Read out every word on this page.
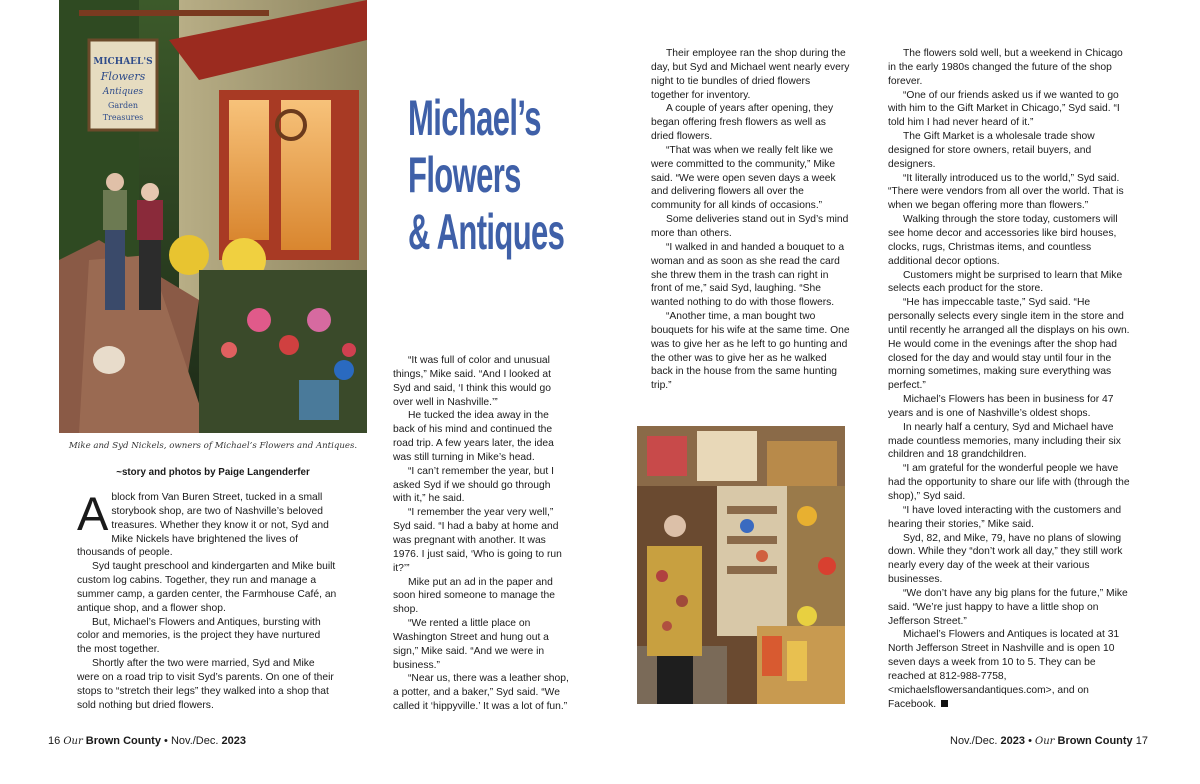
MICHAEL'S
Flowers
Antiques
Garden
Treasures
Mike and Syd Nickels, owners of Michael’s Flowers and Antiques.
~story and photos by Paige Langenderfer
Michael’s
Flowers
& Antiques

Ablock from Van Buren Street, tucked in a small storybook shop, are two of Nashville’s beloved treasures. Whether they know it or not, Syd and Mike Nickels have brightened the lives of thousands of people.

Syd taught preschool and kindergarten and Mike built custom log cabins. Together, they run and manage a summer camp, a garden center, the Farmhouse Café, an antique shop, and a flower shop.

But, Michael’s Flowers and Antiques, bursting with color and memories, is the project they have nurtured the most together.

Shortly after the two were married, Syd and Mike were on a road trip to visit Syd’s parents. On one of their stops to “stretch their legs” they walked into a shop that sold nothing but dried flowers.

“It was full of color and unusual things,” Mike said. “And I looked at Syd and said, ‘I think this would go over well in Nashville.’”

He tucked the idea away in the back of his mind and continued the road trip. A few years later, the idea was still turning in Mike’s head.

“I can’t remember the year, but I asked Syd if we should go through with it,” he said.

“I remember the year very well,” Syd said. “I had a baby at home and was pregnant with another. It was 1976. I just said, ‘Who is going to run it?’”

Mike put an ad in the paper and soon hired someone to manage the shop.

“We rented a little place on Washington Street and hung out a sign,” Mike said. “And we were in business.”

“Near us, there was a leather shop, a potter, and a baker,” Syd said. “We called it ‘hippyville.’ It was a lot of fun.”

Their employee ran the shop during the day, but Syd and Michael went nearly every night to tie bundles of dried flowers together for inventory.

A couple of years after opening, they began offering fresh flowers as well as dried flowers.

“That was when we really felt like we were committed to the community,” Mike said. “We were open seven days a week and delivering flowers all over the community for all kinds of occasions.”

Some deliveries stand out in Syd’s mind more than others.

“I walked in and handed a bouquet to a woman and as soon as she read the card she threw them in the trash can right in front of me,” said Syd, laughing. “She wanted nothing to do with those flowers.

“Another time, a man bought two bouquets for his wife at the same time. One was to give her as he left to go hunting and the other was to give her as he walked back in the house from the same hunting trip.”

The flowers sold well, but a weekend in Chicago in the early 1980s changed the future of the shop forever.

“One of our friends asked us if we wanted to go with him to the Gift Market in Chicago,” Syd said. “I told him I had never heard of it.”

The Gift Market is a wholesale trade show designed for store owners, retail buyers, and designers.

“It literally introduced us to the world,” Syd said. “There were vendors from all over the world. That is when we began offering more than flowers.”

Walking through the store today, customers will see home decor and accessories like bird houses, clocks, rugs, Christmas items, and countless additional decor options.

Customers might be surprised to learn that Mike selects each product for the store.

“He has impeccable taste,” Syd said. “He personally selects every single item in the store and until recently he arranged all the displays on his own. He would come in the evenings after the shop had closed for the day and would stay until four in the morning sometimes, making sure everything was perfect.”

Michael’s Flowers has been in business for 47 years and is one of Nashville’s oldest shops.

In nearly half a century, Syd and Michael have made countless memories, many including their six children and 18 grandchildren.

“I am grateful for the wonderful people we have had the opportunity to share our life with (through the shop),” Syd said.

“I have loved interacting with the customers and hearing their stories,” Mike said.

Syd, 82, and Mike, 79, have no plans of slowing down. While they “don’t work all day,” they still work nearly every day of the week at their various businesses.

“We don’t have any big plans for the future,” Mike said. “We’re just happy to have a little shop on Jefferson Street.”

Michael’s Flowers and Antiques is located at 31 North Jefferson Street in Nashville and is open 10 seven days a week from 10 to 5. They can be reached at 812-988-7758, <michaelsflowersandantiques.com>, and on Facebook.

16 Our Brown County • Nov./Dec. 2023	Nov./Dec. 2023 • Our Brown County 17
